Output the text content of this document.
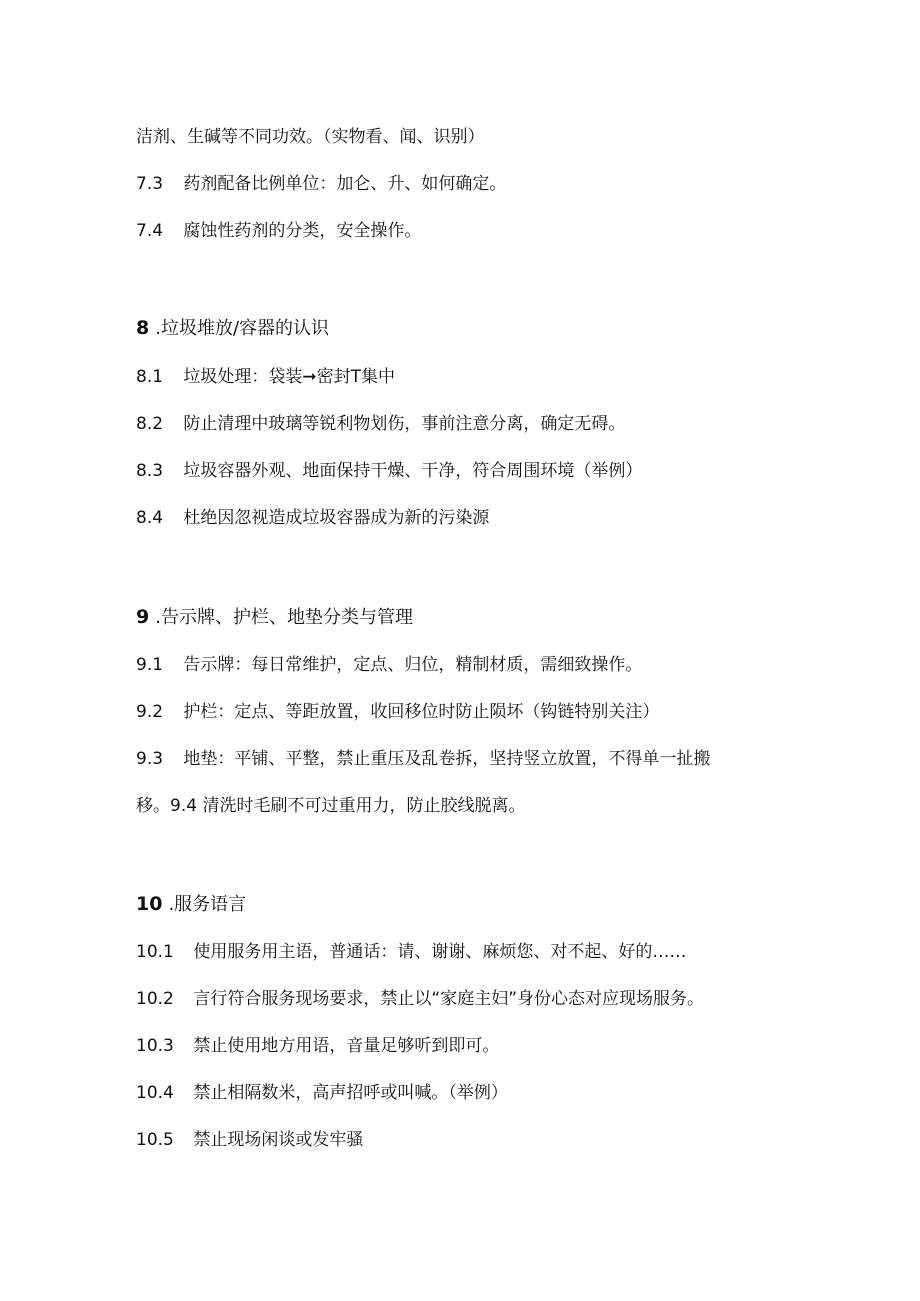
洁剂、生碱等不同功效。（实物看、闻、识别）
7.3 药剂配备比例单位：加仑、升、如何确定。
7.4 腐蚀性药剂的分类，安全操作。
8 .垃圾堆放/容器的认识
8.1 垃圾处理：袋装➞密封T集中
8.2 防止清理中玻璃等锐利物划伤，事前注意分离，确定无碍。
8.3 垃圾容器外观、地面保持干燥、干净，符合周围环境（举例）
8.4 杜绝因忽视造成垃圾容器成为新的污染源
9 .告示牌、护栏、地垫分类与管理
9.1 告示牌：每日常维护，定点、归位，精制材质，需细致操作。
9.2 护栏：定点、等距放置，收回移位时防止陨坏（钩链特别关注）
9.3 地垫：平铺、平整，禁止重压及乱卷拆，坚持竖立放置，不得单一扯搬
移。9.4 清洗时毛刷不可过重用力，防止胶线脱离。
10 .服务语言
10.1 使用服务用主语，普通话：请、谢谢、麻烦您、对不起、好的……
10.2 言行符合服务现场要求，禁止以“家庭主妇”身份心态对应现场服务。
10.3 禁止使用地方用语，音量足够听到即可。
10.4 禁止相隔数米，高声招呼或叫喊。（举例）
10.5 禁止现场闲谈或发牢骚
